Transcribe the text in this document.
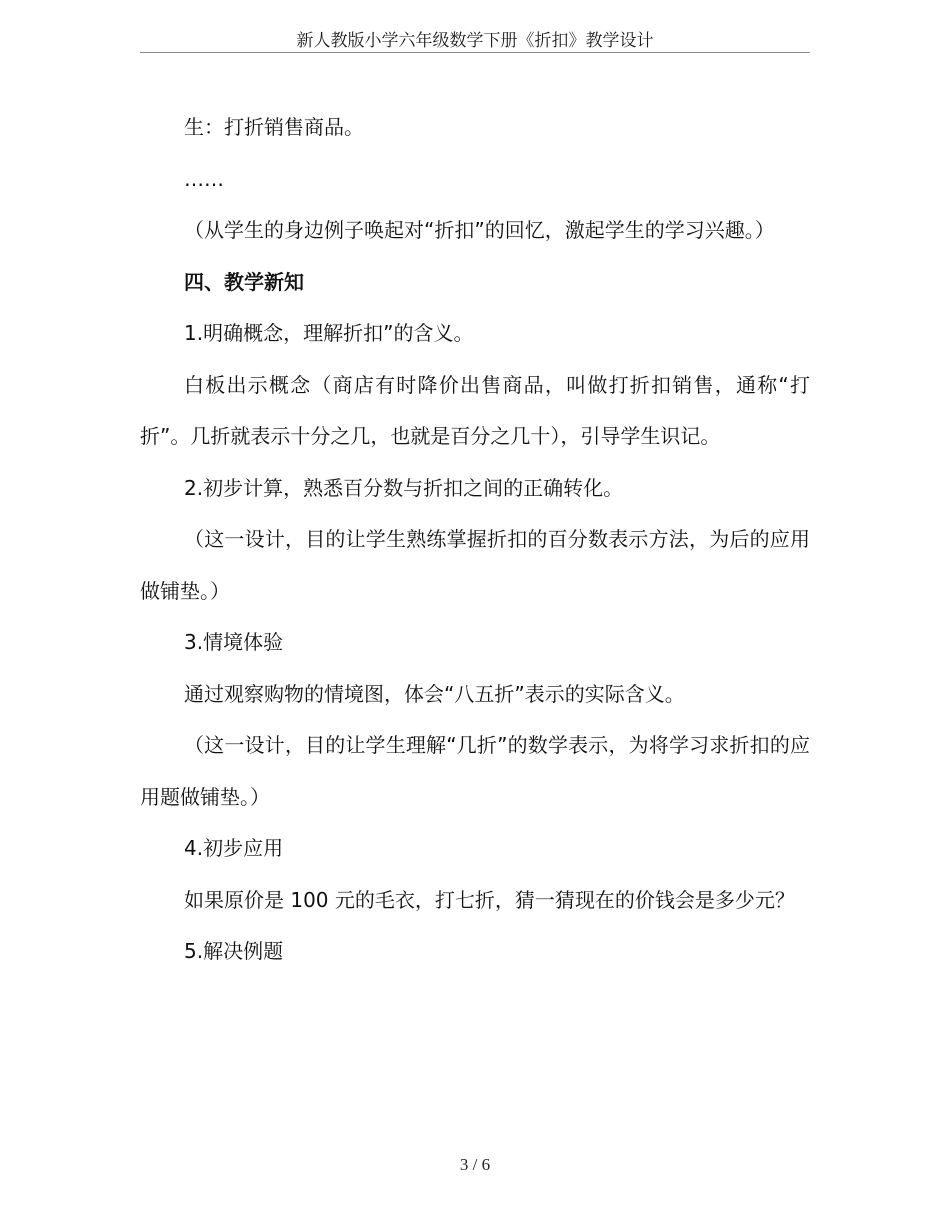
新人教版小学六年级数学下册《折扣》教学设计

生：打折销售商品。

……

（从学生的身边例子唤起对“折扣”的回忆，激起学生的学习兴趣。）

四、教学新知

1.明确概念，理解折扣”的含义。

白板出示概念（商店有时降价出售商品，叫做打折扣销售，通称“打折”。几折就表示十分之几，也就是百分之几十），引导学生识记。

2.初步计算，熟悉百分数与折扣之间的正确转化。

（这一设计，目的让学生熟练掌握折扣的百分数表示方法，为后的应用做铺垫。）

3.情境体验

通过观察购物的情境图，体会“八五折”表示的实际含义。

（这一设计，目的让学生理解“几折”的数学表示，为将学习求折扣的应用题做铺垫。）

4.初步应用

如果原价是 100 元的毛衣，打七折，猜一猜现在的价钱会是多少元？

5.解决例题

3 / 6
